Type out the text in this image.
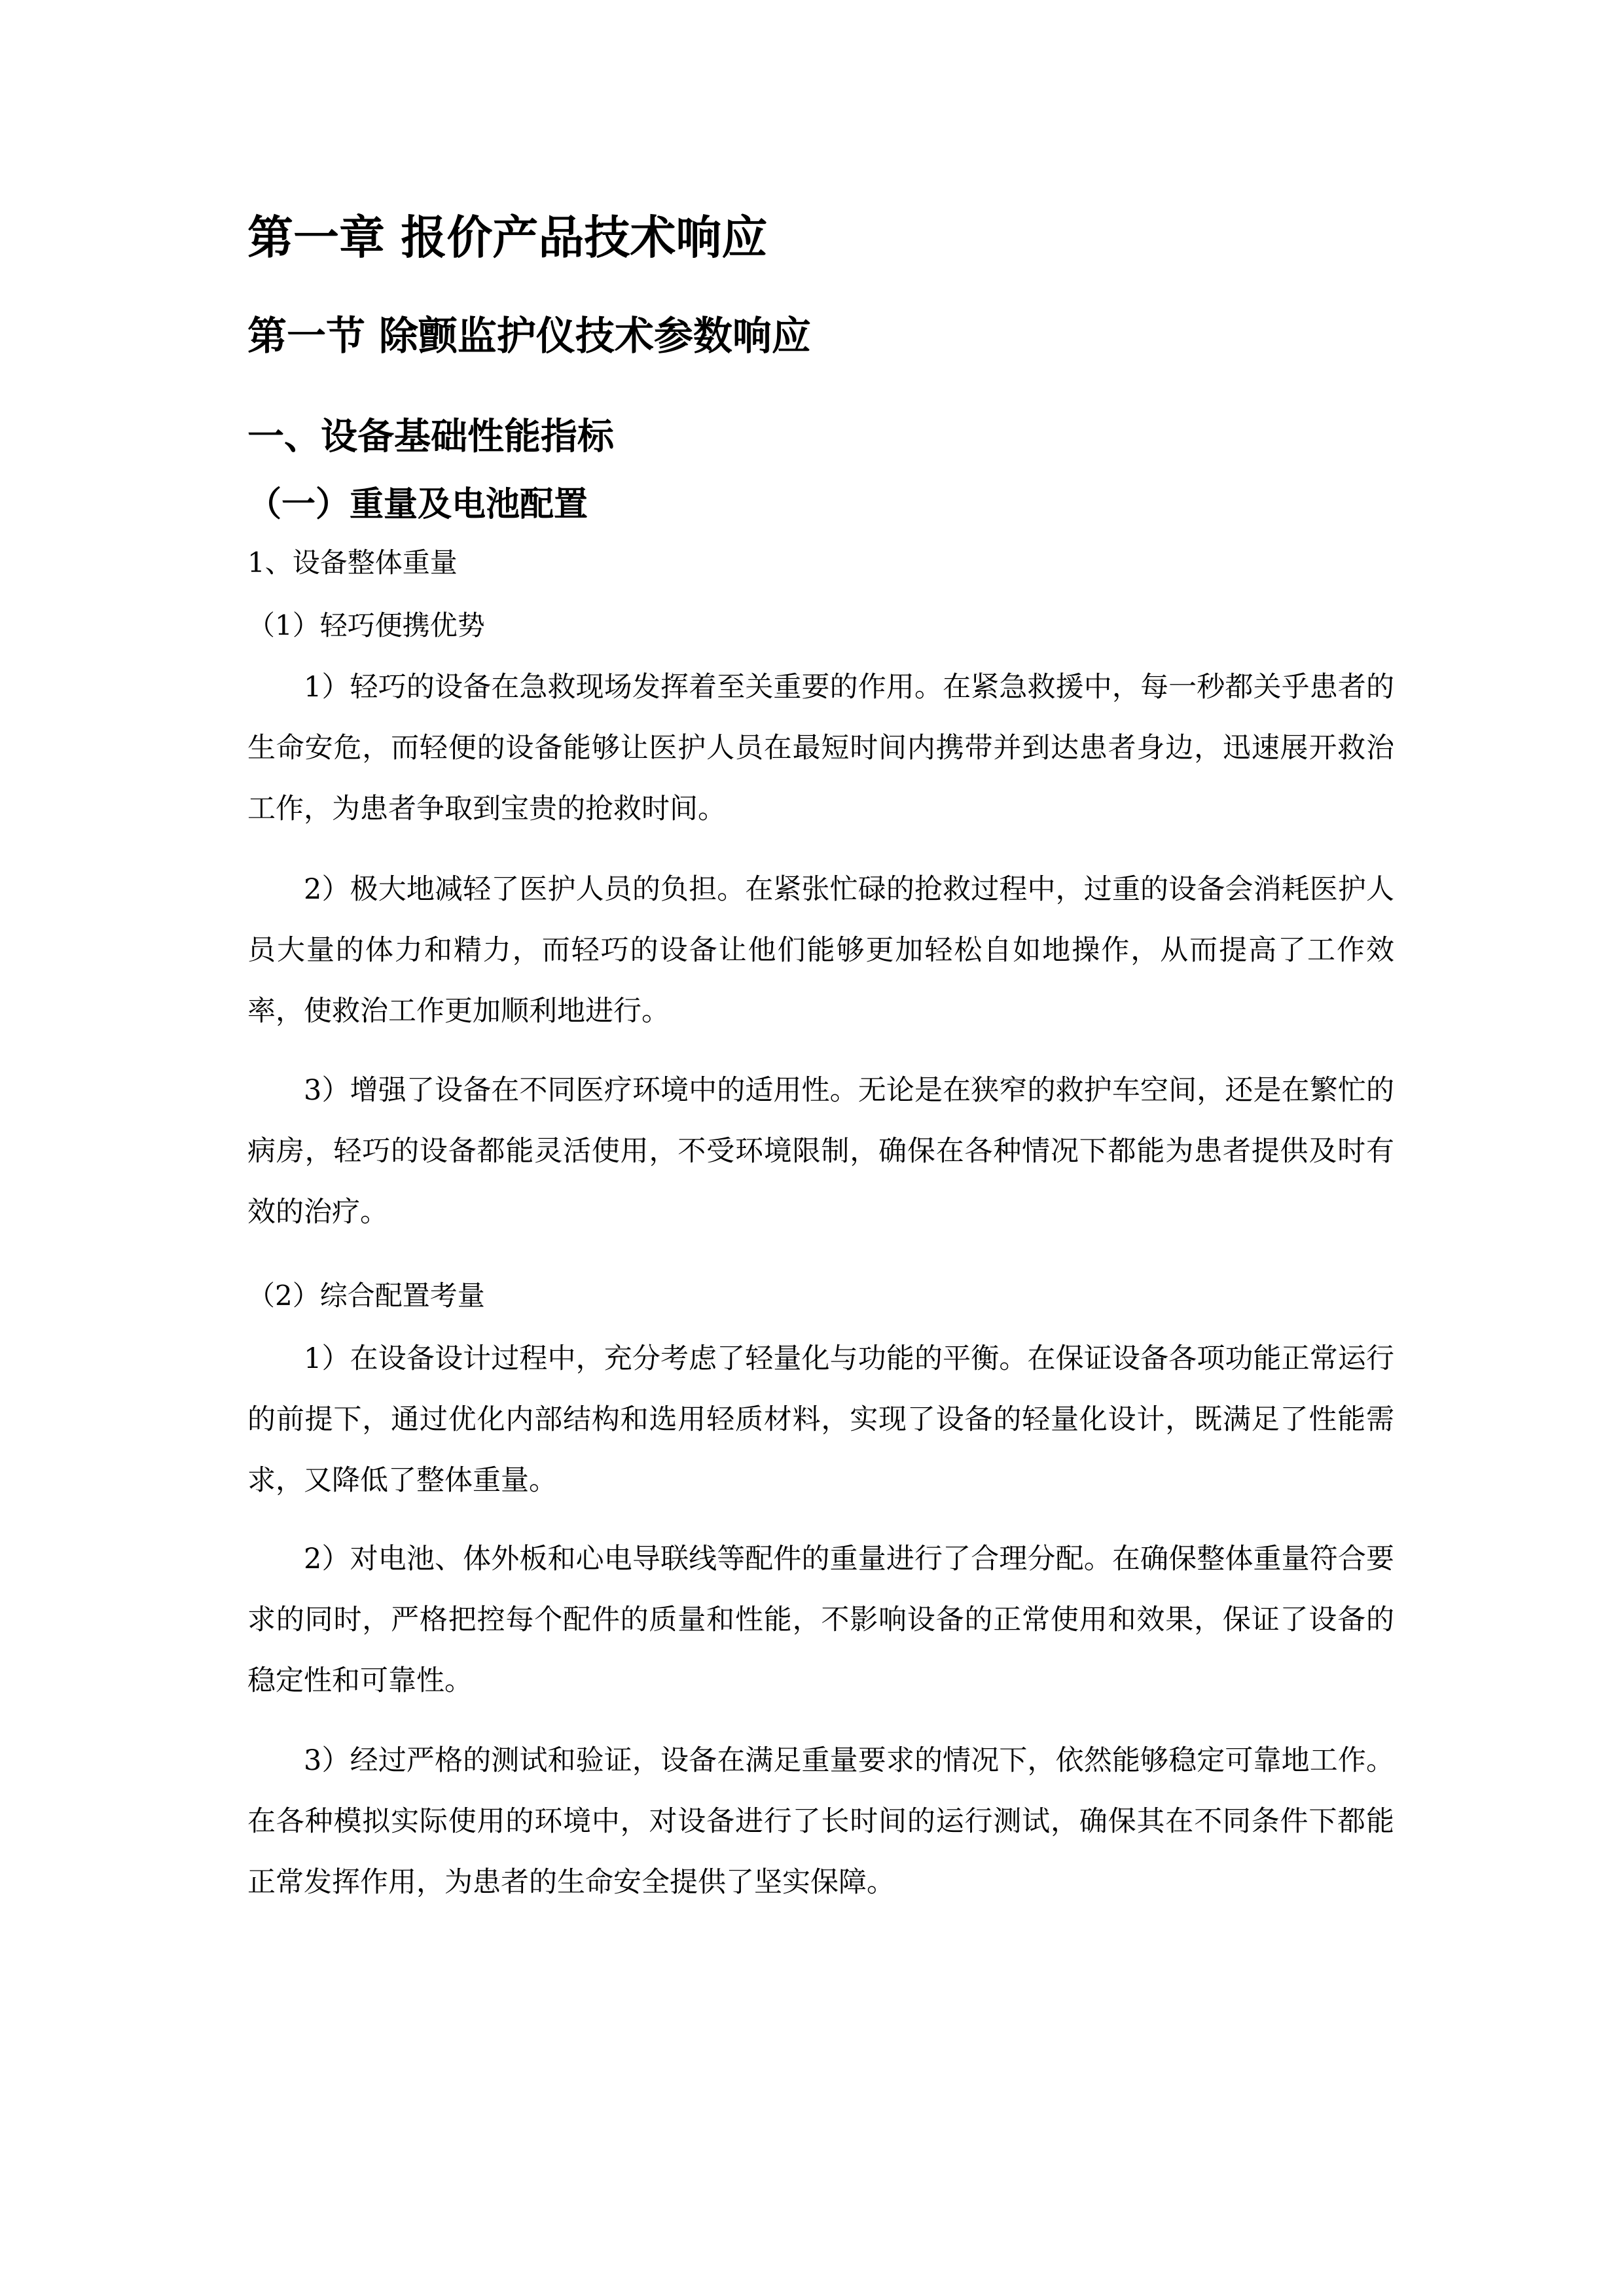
第一章 报价产品技术响应
第一节 除颤监护仪技术参数响应
一、设备基础性能指标
（一）重量及电池配置
1、设备整体重量
（1）轻巧便携优势

1）轻巧的设备在急救现场发挥着至关重要的作用。在紧急救援中，每一秒都关乎患者的生命安危，而轻便的设备能够让医护人员在最短时间内携带并到达患者身边，迅速展开救治工作，为患者争取到宝贵的抢救时间。

2）极大地减轻了医护人员的负担。在紧张忙碌的抢救过程中，过重的设备会消耗医护人员大量的体力和精力，而轻巧的设备让他们能够更加轻松自如地操作，从而提高了工作效率，使救治工作更加顺利地进行。

3）增强了设备在不同医疗环境中的适用性。无论是在狭窄的救护车空间，还是在繁忙的病房，轻巧的设备都能灵活使用，不受环境限制，确保在各种情况下都能为患者提供及时有效的治疗。

（2）综合配置考量

1）在设备设计过程中，充分考虑了轻量化与功能的平衡。在保证设备各项功能正常运行的前提下，通过优化内部结构和选用轻质材料，实现了设备的轻量化设计，既满足了性能需求，又降低了整体重量。

2）对电池、体外板和心电导联线等配件的重量进行了合理分配。在确保整体重量符合要求的同时，严格把控每个配件的质量和性能，不影响设备的正常使用和效果，保证了设备的稳定性和可靠性。

3）经过严格的测试和验证，设备在满足重量要求的情况下，依然能够稳定可靠地工作。在各种模拟实际使用的环境中，对设备进行了长时间的运行测试，确保其在不同条件下都能正常发挥作用，为患者的生命安全提供了坚实保障。
